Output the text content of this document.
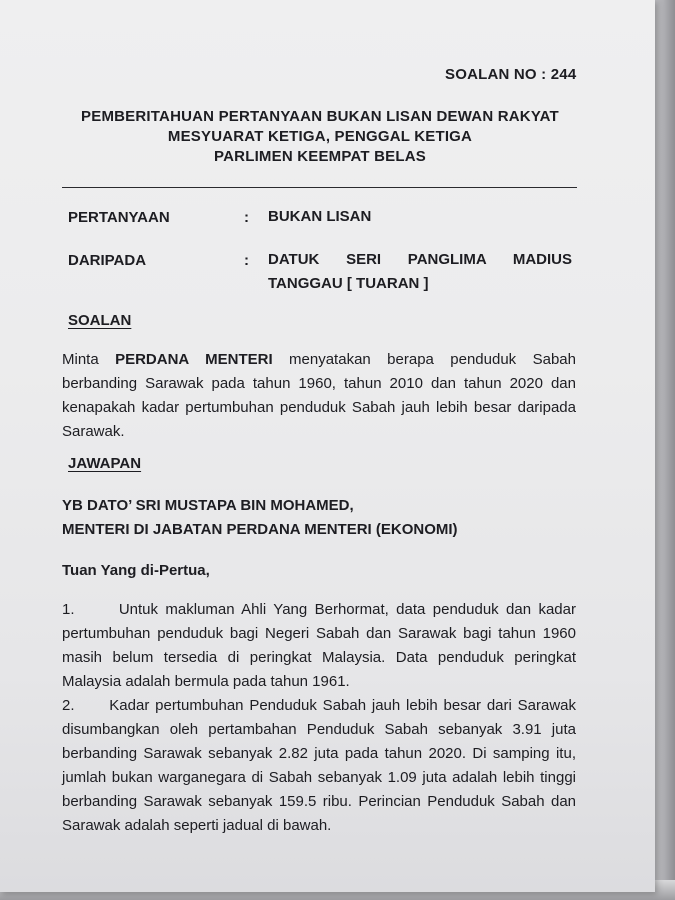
SOALAN NO : 244
PEMBERITAHUAN PERTANYAAN BUKAN LISAN DEWAN RAKYAT
MESYUARAT KETIGA, PENGGAL KETIGA
PARLIMEN KEEMPAT BELAS
PERTANYAAN	: BUKAN LISAN
DARIPADA	: DATUK SERI PANGLIMA MADIUS
TANGGAU [ TUARAN ]
SOALAN
Minta PERDANA MENTERI menyatakan berapa penduduk Sabah
berbanding Sarawak pada tahun 1960, tahun 2010 dan tahun 2020 dan
kenapakah kadar pertumbuhan penduduk Sabah jauh lebih besar daripada
Sarawak.
JAWAPAN
YB DATO’ SRI MUSTAPA BIN MOHAMED,
MENTERI DI JABATAN PERDANA MENTERI (EKONOMI)
Tuan Yang di-Pertua,
1.      Untuk makluman Ahli Yang Berhormat, data penduduk dan kadar
pertumbuhan penduduk bagi Negeri Sabah dan Sarawak bagi tahun 1960
masih belum tersedia di peringkat Malaysia. Data penduduk peringkat
Malaysia adalah bermula pada tahun 1961.
2.      Kadar pertumbuhan Penduduk Sabah jauh lebih besar dari Sarawak
disumbangkan oleh pertambahan Penduduk Sabah sebanyak 3.91 juta
berbanding Sarawak sebanyak 2.82 juta pada tahun 2020. Di samping itu,
jumlah bukan warganegara di Sabah sebanyak 1.09 juta adalah lebih tinggi
berbanding Sarawak sebanyak 159.5 ribu. Perincian Penduduk Sabah dan
Sarawak adalah seperti jadual di bawah.
